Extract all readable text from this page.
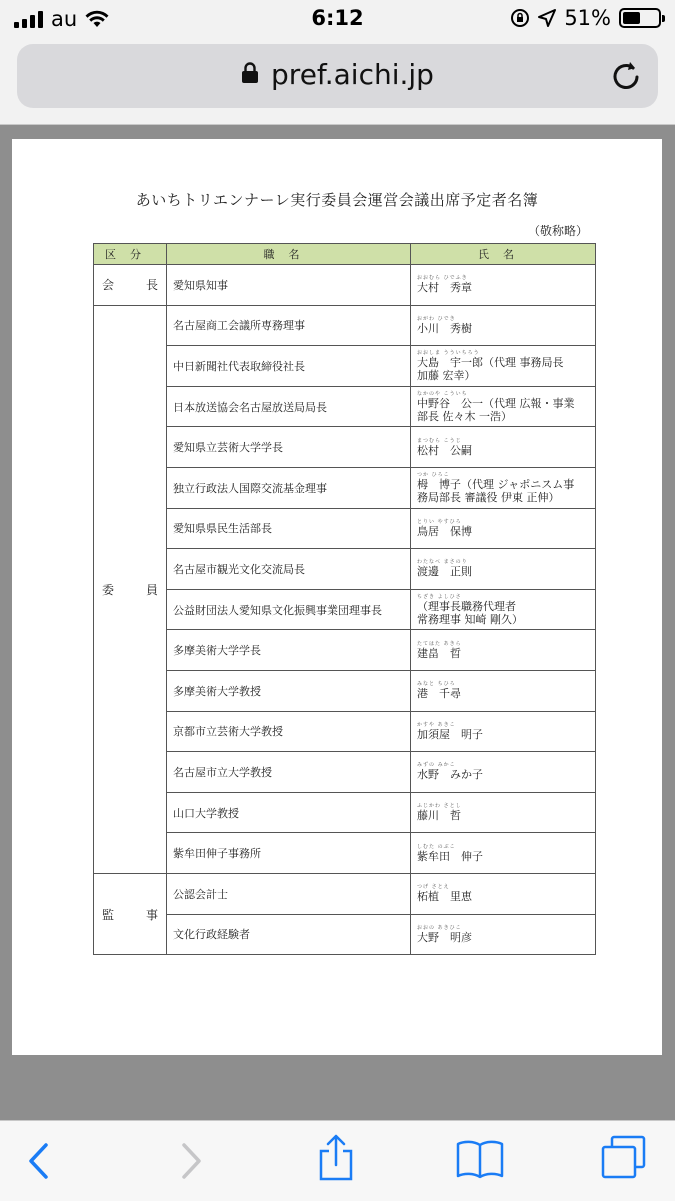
au	6:12	51%
pref.aichi.jp
あいちトリエンナーレ実行委員会運営会議出席予定者名簿
（敬称略）
区分	職名	氏名

会 長	愛知県知事	おおむら ひでふき
大村　秀章

委 員	名古屋商工会議所専務理事	おがわ ひでき
小川　秀樹

	中日新聞社代表取締役社長	おおしま うういちろう
大島　宇一郎（代理 事務局長
加藤 宏幸）

	日本放送協会名古屋放送局局長	なかのや こういち
中野谷　公一（代理 広報・事業
部長 佐々木 一浩）

	愛知県立芸術大学学長	まつむら こうじ
松村　公嗣

	独立行政法人国際交流基金理事	つか ひろこ
栂　博子（代理 ジャポニスム事
務局部長 審議役 伊東 正伸）

	愛知県県民生活部長	とりい やすひろ
鳥居　保博

	名古屋市観光文化交流局長	わたなべ まさのり
渡邊　正則

	公益財団法人愛知県文化振興事業団理事長	ちざき よしひさ
（理事長職務代理者
常務理事 知崎 剛久）

	多摩美術大学学長	たてはた あきら
建畠　晢

	多摩美術大学教授	みなと ちひろ
港　千尋

	京都市立芸術大学教授	かすや あきこ
加須屋　明子

	名古屋市立大学教授	みずの みかこ
水野　みか子

	山口大学教授	ふじかわ さとし
藤川　哲

	紫牟田伸子事務所	しむた のぶこ
紫牟田　伸子

監 事	公認会計士	つげ さとえ
柘植　里恵

	文化行政経験者	おおの あきひこ
大野　明彦
